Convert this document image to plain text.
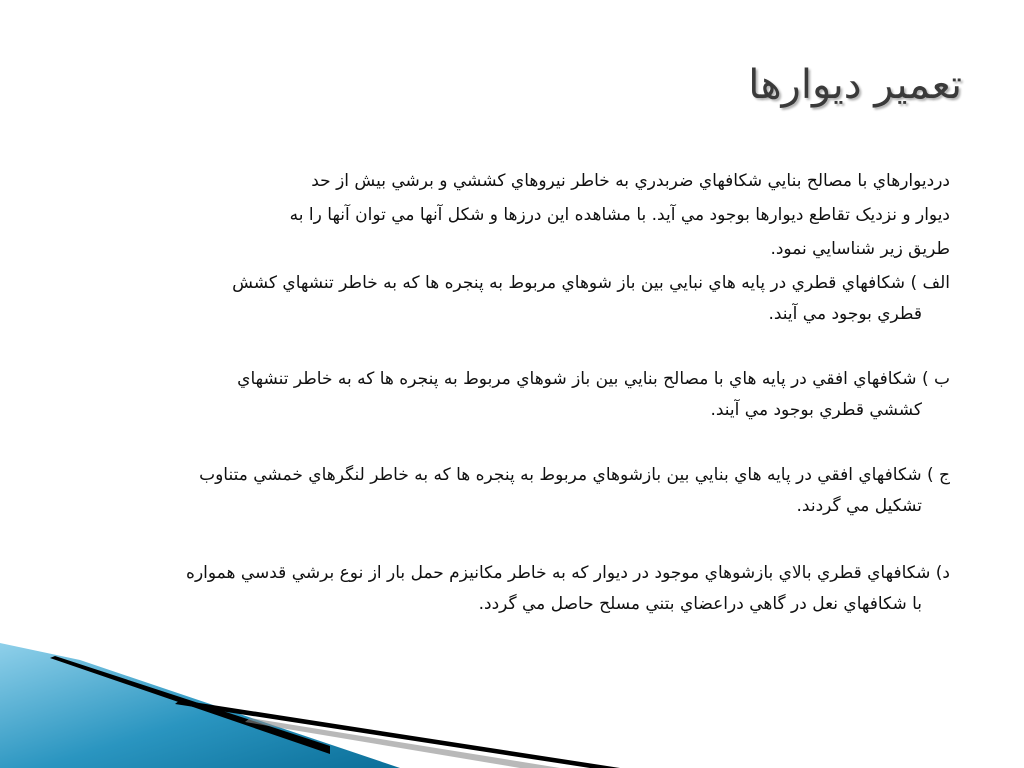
تعمير ديوارها
درديوارهاي با مصالح بنايي شكافهاي ضربدري به خاطر نيروهاي كششي و برشي بيش از حد
ديوار و نزديک تقاطع ديوارها بوجود مي آيد. با مشاهده اين درزها و شکل آنها مي توان آنها را به
طريق زير شناسايي نمود.
الف ) شكافهاي قطري در پايه هاي نبايي بين باز شوهاي مربوط به پنجره ها كه به خاطر تنشهاي كشش
قطري بوجود مي آيند.
ب ) شكافهاي افقي در پايه هاي با مصالح بنايي بين باز شوهاي مربوط به پنجره ها كه به خاطر تنشهاي
كششي قطري بوجود مي آيند.
ج ) شكافهاي افقي در پايه هاي بنايي بين بازشوهاي مربوط به پنجره ها كه به خاطر لنگرهاي خمشي متناوب
تشكيل مي گردند.
د) شكافهاي قطري بالاي بازشوهاي موجود در ديوار كه به خاطر مكانيزم حمل بار از نوع برشي قدسي همواره
با شكافهاي نعل در گاهي دراعضاي بتني مسلح حاصل مي گردد.
